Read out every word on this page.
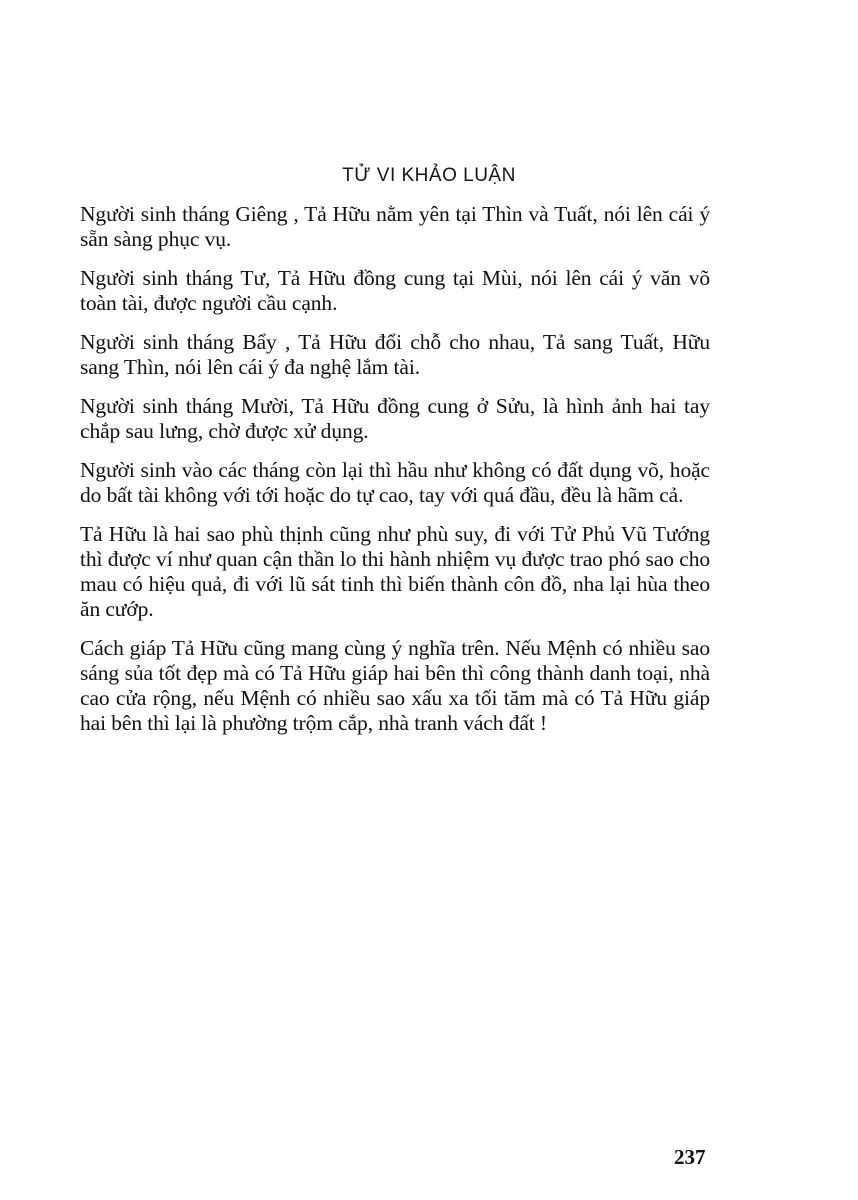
TỬ VI KHẢO LUẬN

Người sinh tháng Giêng , Tả Hữu nằm yên tại Thìn và Tuất, nói lên cái ý sẵn sàng phục vụ.

Người sinh tháng Tư, Tả Hữu đồng cung tại Mùi, nói lên cái ý văn võ toàn tài, được người cầu cạnh.

Người sinh tháng Bẩy , Tả Hữu đổi chỗ cho nhau, Tả sang Tuất, Hữu sang Thìn, nói lên cái ý đa nghệ lắm tài.

Người sinh tháng Mười, Tả Hữu đồng cung ở Sửu, là hình ảnh hai tay chắp sau lưng, chờ được xử dụng.

Người sinh vào các tháng còn lại thì hầu như không có đất dụng võ, hoặc do bất tài không với tới hoặc do tự cao, tay với quá đầu, đều là hãm cả.

Tả Hữu là hai sao phù thịnh cũng như phù suy, đi với Tử Phủ Vũ Tướng thì được ví như quan cận thần lo thi hành nhiệm vụ được trao phó sao cho mau có hiệu quả, đi với lũ sát tinh thì biến thành côn đồ, nha lại hùa theo ăn cướp.

Cách giáp Tả Hữu cũng mang cùng ý nghĩa trên. Nếu Mệnh có nhiều sao sáng sủa tốt đẹp mà có Tả Hữu giáp hai bên thì công thành danh toại, nhà cao cửa rộng, nếu Mệnh có nhiều sao xấu xa tối tăm mà có Tả Hữu giáp hai bên thì lại là phường trộm cắp, nhà tranh vách đất !

237
